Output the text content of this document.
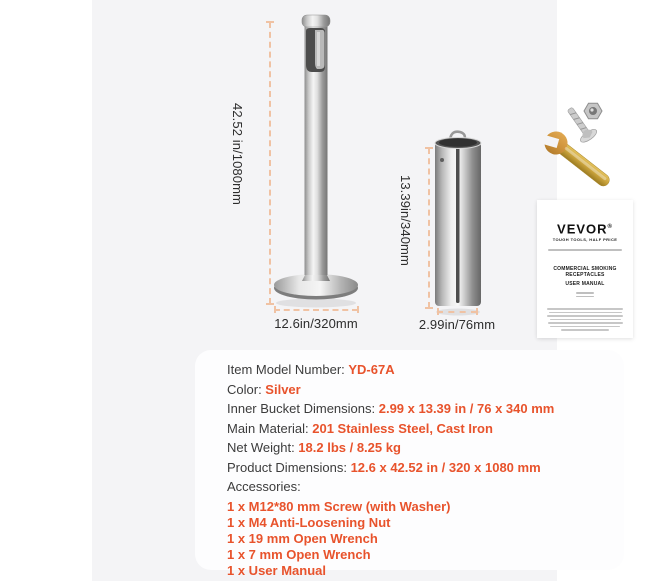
42.52 in/1080mm
12.6in/320mm
13.39in/340mm
2.99in/76mm
VEVOR®
TOUGH TOOLS, HALF PRICE
COMMERCIAL SMOKING RECEPTACLES
USER MANUAL
Item Model Number: YD-67A
Color: Silver
Inner Bucket Dimensions: 2.99 x 13.39 in / 76 x 340 mm
Main Material: 201 Stainless Steel, Cast Iron
Net Weight: 18.2 lbs / 8.25 kg
Product Dimensions: 12.6 x 42.52 in / 320 x 1080 mm
Accessories:
1 x M12*80 mm Screw (with Washer)
1 x M4 Anti-Loosening Nut
1 x 19 mm Open Wrench
1 x 7 mm Open Wrench
1 x User Manual
